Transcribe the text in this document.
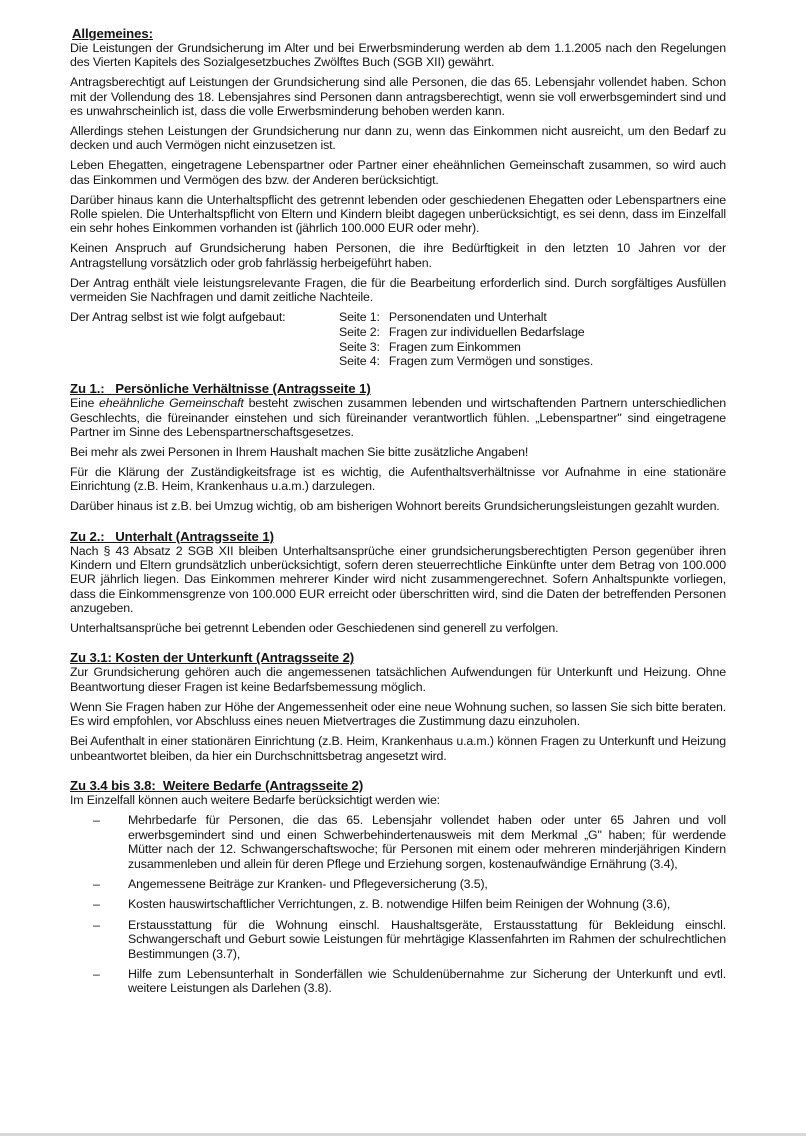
Allgemeines:

Die Leistungen der Grundsicherung im Alter und bei Erwerbsminderung werden ab dem 1.1.2005 nach den Regelungen des Vierten Kapitels des Sozialgesetzbuches Zwölftes Buch (SGB XII) gewährt.

Antragsberechtigt auf Leistungen der Grundsicherung sind alle Personen, die das 65. Lebensjahr vollendet haben. Schon mit der Vollendung des 18. Lebensjahres sind Personen dann antragsberechtigt, wenn sie voll erwerbsgemindert sind und es unwahrscheinlich ist, dass die volle Erwerbsminderung behoben werden kann.

Allerdings stehen Leistungen der Grundsicherung nur dann zu, wenn das Einkommen nicht ausreicht, um den Bedarf zu decken und auch Vermögen nicht einzusetzen ist.

Leben Ehegatten, eingetragene Lebenspartner oder Partner einer eheähnlichen Gemeinschaft zusammen, so wird auch das Einkommen und Vermögen des bzw. der Anderen berücksichtigt.

Darüber hinaus kann die Unterhaltspflicht des getrennt lebenden oder geschiedenen Ehegatten oder Lebenspartners eine Rolle spielen. Die Unterhaltspflicht von Eltern und Kindern bleibt dagegen unberücksichtigt, es sei denn, dass im Einzelfall ein sehr hohes Einkommen vorhanden ist (jährlich 100.000 EUR oder mehr).

Keinen Anspruch auf Grundsicherung haben Personen, die ihre Bedürftigkeit in den letzten 10 Jahren vor der Antragstellung vorsätzlich oder grob fahrlässig herbeigeführt haben.

Der Antrag enthält viele leistungsrelevante Fragen, die für die Bearbeitung erforderlich sind. Durch sorgfältiges Ausfüllen vermeiden Sie Nachfragen und damit zeitliche Nachteile.

Der Antrag selbst ist wie folgt aufgebaut:	Seite 1: Personendaten und Unterhalt
Seite 2: Fragen zur individuellen Bedarfslage
Seite 3: Fragen zum Einkommen
Seite 4: Fragen zum Vermögen und sonstiges.
Zu 1.:   Persönliche Verhältnisse (Antragsseite 1)

Eine eheähnliche Gemeinschaft besteht zwischen zusammen lebenden und wirtschaftenden Partnern unterschiedlichen Geschlechts, die füreinander einstehen und sich füreinander verantwortlich fühlen. „Lebenspartner" sind eingetragene Partner im Sinne des Lebenspartnerschaftsgesetzes.

Bei mehr als zwei Personen in Ihrem Haushalt machen Sie bitte zusätzliche Angaben!

Für die Klärung der Zuständigkeitsfrage ist es wichtig, die Aufenthaltsverhältnisse vor Aufnahme in eine stationäre Einrichtung (z.B. Heim, Krankenhaus u.a.m.) darzulegen.

Darüber hinaus ist z.B. bei Umzug wichtig, ob am bisherigen Wohnort bereits Grundsicherungsleistungen gezahlt wurden.

Zu 2.:   Unterhalt (Antragsseite 1)

Nach § 43 Absatz 2 SGB XII bleiben Unterhaltsansprüche einer grundsicherungsberechtigten Person gegenüber ihren Kindern und Eltern grundsätzlich unberücksichtigt, sofern deren steuerrechtliche Einkünfte unter dem Betrag von 100.000 EUR jährlich liegen. Das Einkommen mehrerer Kinder wird nicht zusammengerechnet. Sofern Anhaltspunkte vorliegen, dass die Einkommensgrenze von 100.000 EUR erreicht oder überschritten wird, sind die Daten der betreffenden Personen anzugeben.

Unterhaltsansprüche bei getrennt Lebenden oder Geschiedenen sind generell zu verfolgen.

Zu 3.1: Kosten der Unterkunft (Antragsseite 2)

Zur Grundsicherung gehören auch die angemessenen tatsächlichen Aufwendungen für Unterkunft und Heizung. Ohne Beantwortung dieser Fragen ist keine Bedarfsbemessung möglich.

Wenn Sie Fragen haben zur Höhe der Angemessenheit oder eine neue Wohnung suchen, so lassen Sie sich bitte beraten. Es wird empfohlen, vor Abschluss eines neuen Mietvertrages die Zustimmung dazu einzuholen.

Bei Aufenthalt in einer stationären Einrichtung (z.B. Heim, Krankenhaus u.a.m.) können Fragen zu Unterkunft und Heizung unbeantwortet bleiben, da hier ein Durchschnittsbetrag angesetzt wird.

Zu 3.4 bis 3.8:  Weitere Bedarfe (Antragsseite 2)

Im Einzelfall können auch weitere Bedarfe berücksichtigt werden wie:

– Mehrbedarfe für Personen, die das 65. Lebensjahr vollendet haben oder unter 65 Jahren und voll erwerbsgemindert sind und einen Schwerbehindertenausweis mit dem Merkmal „G" haben; für werdende Mütter nach der 12. Schwangerschaftswoche; für Personen mit einem oder mehreren minderjährigen Kindern zusammenleben und allein für deren Pflege und Erziehung sorgen, kostenaufwändige Ernährung (3.4),
– Angemessene Beiträge zur Kranken- und Pflegeversicherung (3.5),
– Kosten hauswirtschaftlicher Verrichtungen, z. B. notwendige Hilfen beim Reinigen der Wohnung (3.6),
– Erstausstattung für die Wohnung einschl. Haushaltsgeräte, Erstausstattung für Bekleidung einschl. Schwangerschaft und Geburt sowie Leistungen für mehrtägige Klassenfahrten im Rahmen der schulrechtlichen Bestimmungen (3.7),
– Hilfe zum Lebensunterhalt in Sonderfällen wie Schuldenübernahme zur Sicherung der Unterkunft und evtl. weitere Leistungen als Darlehen (3.8).
